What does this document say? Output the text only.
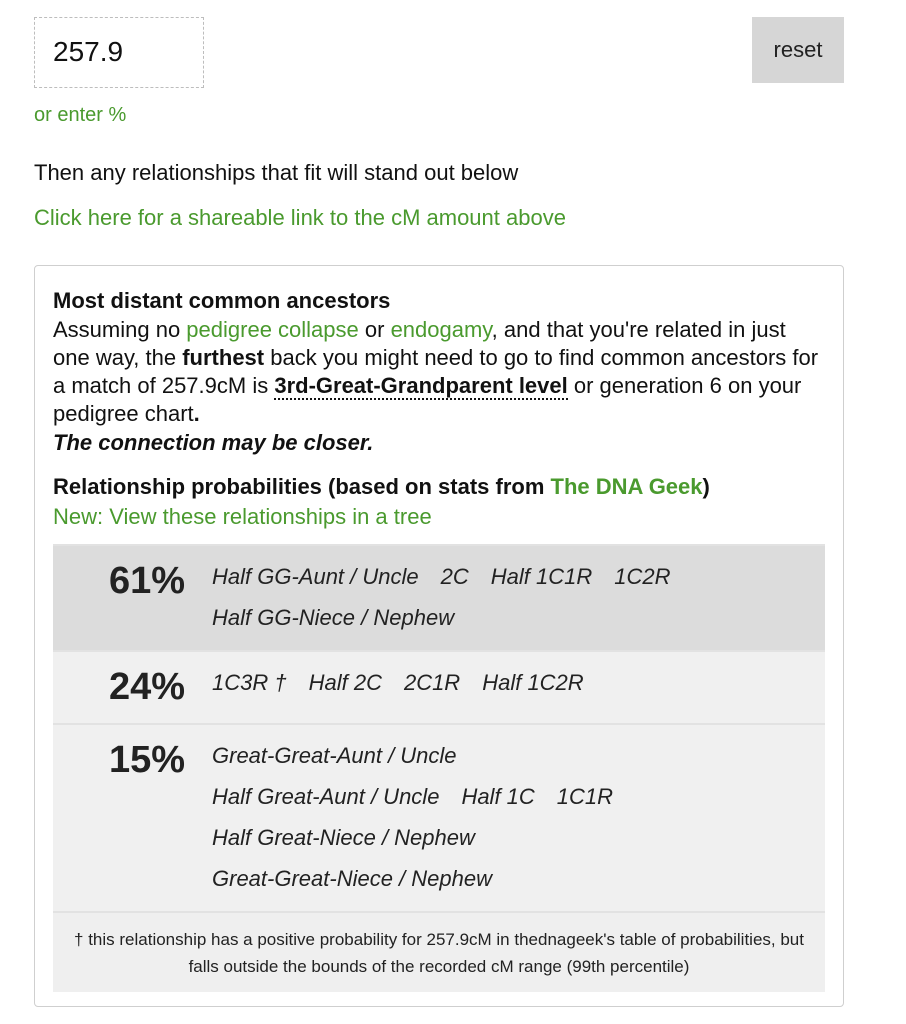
257.9	reset
or enter %
Then any relationships that fit will stand out below
Click here for a shareable link to the cM amount above
Most distant common ancestors
Assuming no pedigree collapse or endogamy, and that you're related in just one way, the furthest back you might need to go to find common ancestors for a match of 257.9cM is 3rd-Great-Grandparent level or generation 6 on your pedigree chart.
The connection may be closer.
Relationship probabilities (based on stats from The DNA Geek)
New: View these relationships in a tree
61%	Half GG-Aunt / Uncle 2C Half 1C1R 1C2R
Half GG-Niece / Nephew
24%	1C3R † Half 2C 2C1R Half 1C2R
15%	Great-Great-Aunt / Uncle
Half Great-Aunt / Uncle Half 1C 1C1R
Half Great-Niece / Nephew
Great-Great-Niece / Nephew
† this relationship has a positive probability for 257.9cM in thednageek's table of probabilities, but falls outside the bounds of the recorded cM range (99th percentile)
